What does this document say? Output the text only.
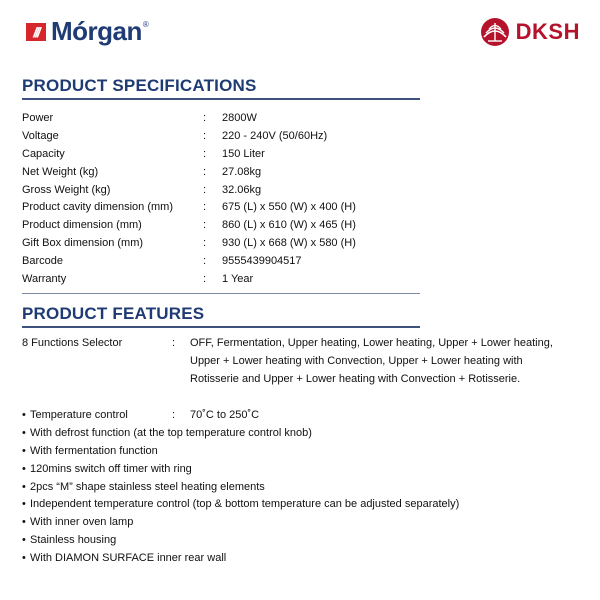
/// Mórgan ®	DKSH
PRODUCT SPECIFICATIONS
Power	: 2800W
Voltage	: 220 - 240V (50/60Hz)
Capacity	: 150 Liter
Net Weight (kg)	: 27.08kg
Gross Weight (kg)	: 32.06kg
Product cavity dimension (mm)	: 675 (L) x 550 (W) x 400 (H)
Product dimension (mm)	: 860 (L) x 610 (W) x 465 (H)
Gift Box dimension (mm)	: 930 (L) x 668 (W) x 580 (H)
Barcode	: 9555439904517
Warranty	: 1 Year
PRODUCT FEATURES
8 Functions Selector	: OFF, Fermentation, Upper heating, Lower heating, Upper + Lower heating, Upper + Lower heating with Convection, Upper + Lower heating with Rotisserie and Upper + Lower heating with Convection + Rotisserie.
• Temperature control	: 70˚C to 250˚C
• With defrost function (at the top temperature control knob)
• With fermentation function
• 120mins switch off timer with ring
• 2pcs “M” shape stainless steel heating elements
• Independent temperature control (top & bottom temperature can be adjusted separately)
• With inner oven lamp
• Stainless housing
• With DIAMON SURFACE inner rear wall
